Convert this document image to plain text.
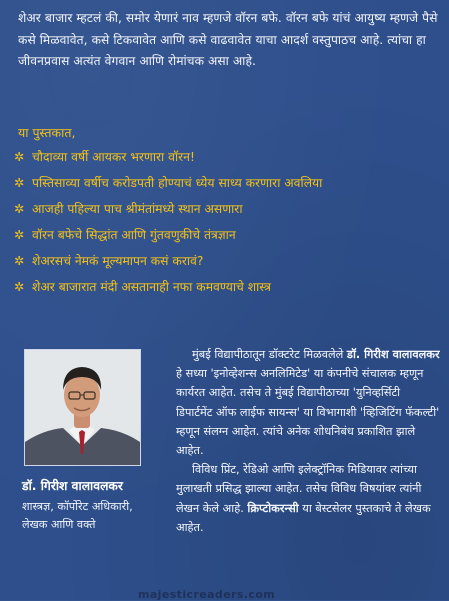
शेअर बाजार म्हटलं की, समोर येणारं नाव म्हणजे वॉरन बफे. वॉरन बफे यांचं आयुष्य म्हणजे पैसे कसे मिळवावेत, कसे टिकवावेत आणि कसे वाढवावेत याचा आदर्श वस्तुपाठच आहे. त्यांचा हा जीवनप्रवास अत्यंत वेगवान आणि रोमांचक असा आहे.
या पुस्तकात,
✲ चौदाव्या वर्षी आयकर भरणारा वॉरन!
✲ पस्तिसाव्या वर्षीच करोडपती होण्याचं ध्येय साध्य करणारा अवलिया
✲ आजही पहिल्या पाच श्रीमंतांमध्ये स्थान असणारा
✲ वॉरन बफेचे सिद्धांत आणि गुंतवणुकीचे तंत्रज्ञान
✲ शेअरसचं नेमकं मूल्यमापन कसं करावं?
✲ शेअर बाजारात मंदी असतानाही नफा कमवण्याचे शास्त्र
डॉ. गिरीश वालावलकर
शास्त्रज्ञ, कॉर्पोरेट अधिकारी,
लेखक आणि वक्ते

मुंबई विद्यापीठातून डॉक्टरेट मिळवलेले डॉ. गिरीश वालावलकर हे सध्या 'इनोव्हेशन्स अनलिमिटेड' या कंपनीचे संचालक म्हणून कार्यरत आहेत. तसेच ते मुंबई विद्यापीठाच्या 'युनिव्हर्सिटी डिपार्टमेंट ऑफ लाईफ सायन्स' या विभागाशी 'व्हिजिटिंग फॅकल्टी' म्हणून संलग्न आहेत. त्यांचे अनेक शोधनिबंध प्रकाशित झाले आहेत.

विविध प्रिंट, रेडिओ आणि इलेक्ट्रॉनिक मिडियावर त्यांच्या मुलाखती प्रसिद्ध झाल्या आहेत. तसेच विविध विषयांवर त्यांनी लेखन केले आहे. क्रिप्टोकरन्सी या बेस्टसेलर पुस्तकाचे ते लेखक आहेत.

majesticreaders.com
